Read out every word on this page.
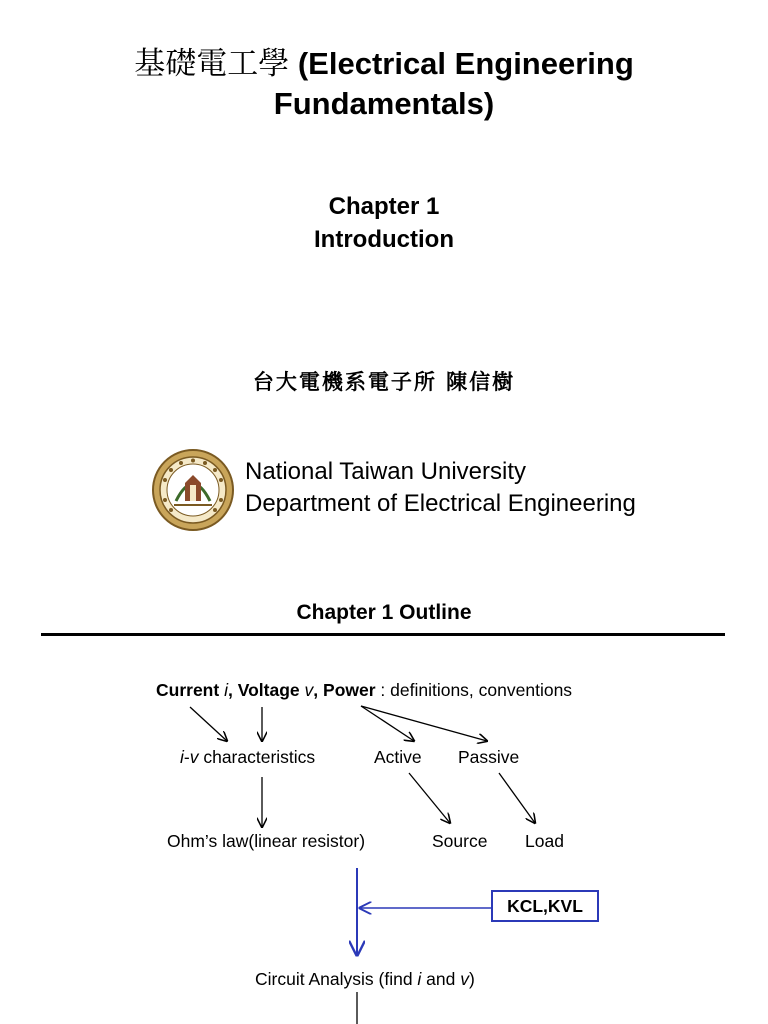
基礎電工學 (Electrical Engineering
Fundamentals)
Chapter 1
Introduction
台大電機系電子所 陳信樹
National Taiwan University
Department of Electrical Engineering
Chapter 1 Outline
Current i, Voltage v, Power : definitions, conventions
i-v characteristics	Active Passive
Ohm’s law(linear resistor)	Source Load
KCL,KVL
Circuit Analysis (find i and v)
